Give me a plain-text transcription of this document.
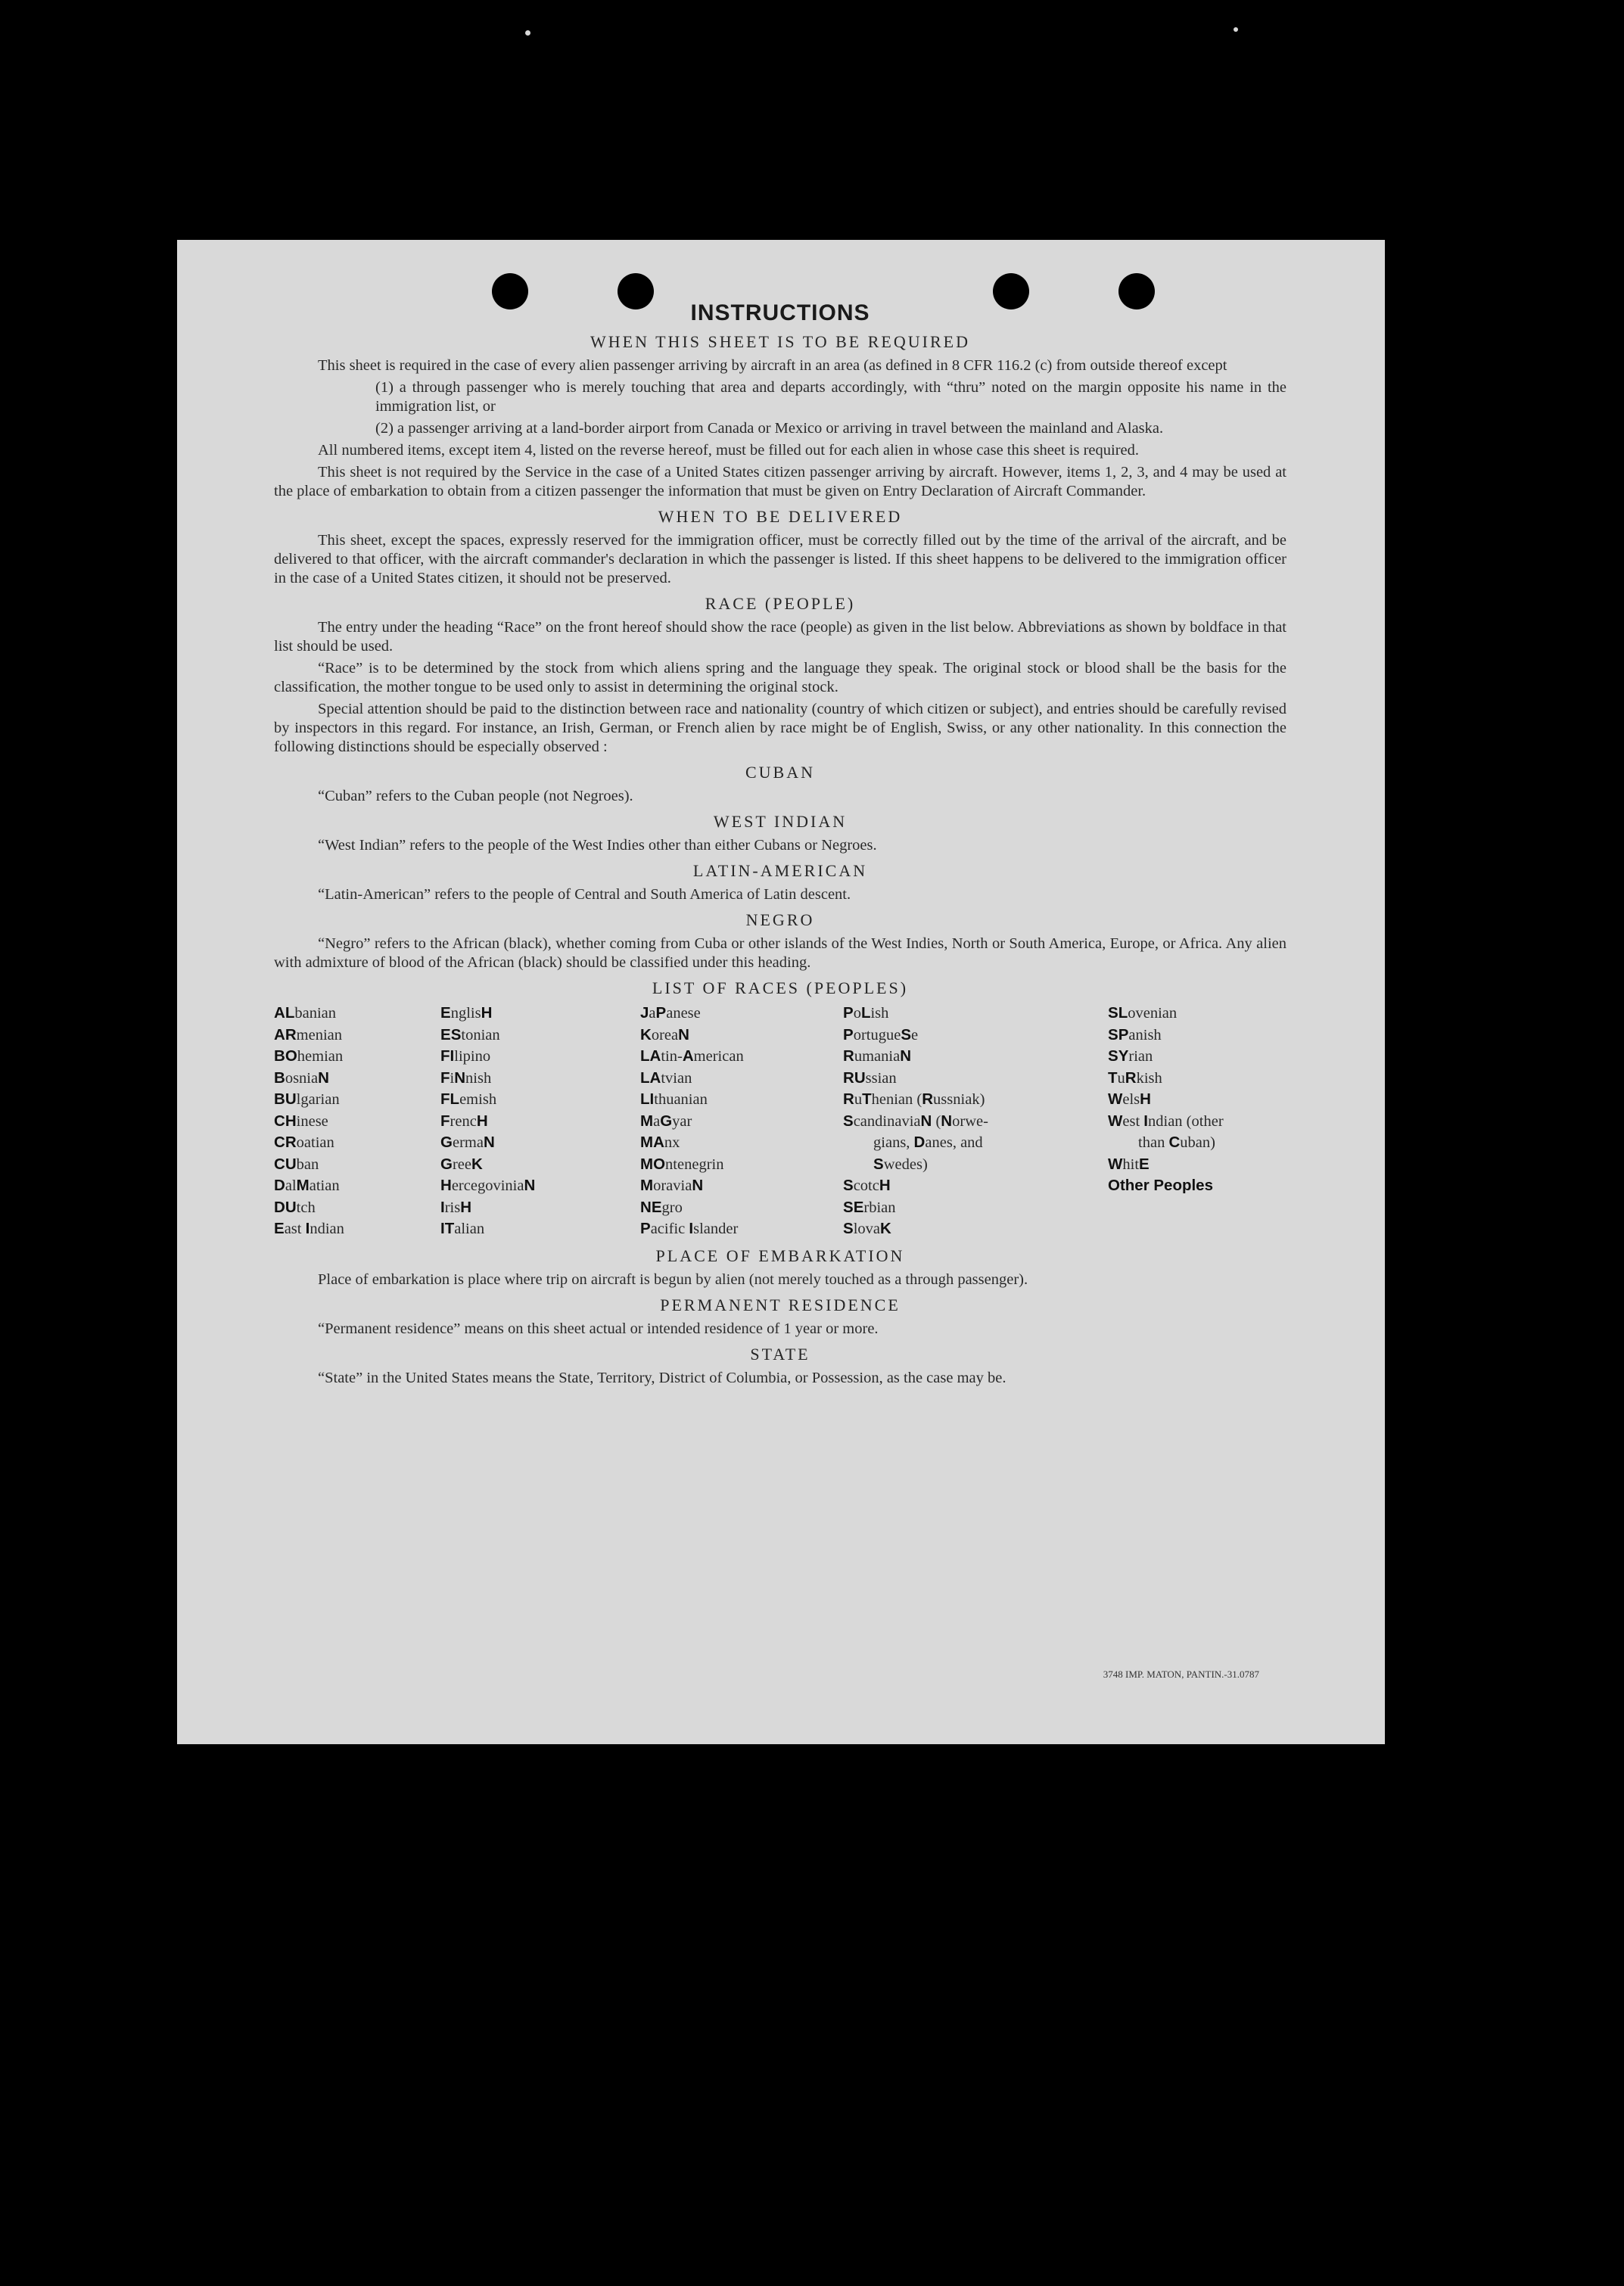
INSTRUCTIONS
WHEN THIS SHEET IS TO BE REQUIRED

This sheet is required in the case of every alien passenger arriving by aircraft in an area (as defined in 8 CFR 116.2 (c) from outside thereof except

(1) a through passenger who is merely touching that area and departs accordingly, with “thru” noted on the margin opposite his name in the immigration list, or

(2) a passenger arriving at a land-border airport from Canada or Mexico or arriving in travel between the mainland and Alaska.

All numbered items, except item 4, listed on the reverse hereof, must be filled out for each alien in whose case this sheet is required.

This sheet is not required by the Service in the case of a United States citizen passenger arriving by aircraft. However, items 1, 2, 3, and 4 may be used at the place of embarkation to obtain from a citizen passenger the information that must be given on Entry Declaration of Aircraft Commander.

WHEN TO BE DELIVERED

This sheet, except the spaces, expressly reserved for the immigration officer, must be correctly filled out by the time of the arrival of the aircraft, and be delivered to that officer, with the aircraft commander's declaration in which the passenger is listed. If this sheet happens to be delivered to the immigration officer in the case of a United States citizen, it should not be preserved.

RACE (PEOPLE)

The entry under the heading “Race” on the front hereof should show the race (people) as given in the list below. Abbreviations as shown by boldface in that list should be used.

“Race” is to be determined by the stock from which aliens spring and the language they speak. The original stock or blood shall be the basis for the classification, the mother tongue to be used only to assist in determining the original stock.

Special attention should be paid to the distinction between race and nationality (country of which citizen or subject), and entries should be carefully revised by inspectors in this regard. For instance, an Irish, German, or French alien by race might be of English, Swiss, or any other nationality. In this connection the following distinctions should be especially observed :

CUBAN

“Cuban” refers to the Cuban people (not Negroes).

WEST INDIAN

“West Indian” refers to the people of the West Indies other than either Cubans or Negroes.

LATIN-AMERICAN

“Latin-American” refers to the people of Central and South America of Latin descent.

NEGRO

“Negro” refers to the African (black), whether coming from Cuba or other islands of the West Indies, North or South America, Europe, or Africa. Any alien with admixture of blood of the African (black) should be classified under this heading.

LIST OF RACES (PEOPLES)
ALbanian
ARmenian
BOhemian
BosniaN
BUlgarian
CHinese
CRoatian
CUban
DalMatian
DUtch
East Indian
EnglisH
EStonian
FIlipino
FiNnish
FLemish
FrencH
GermaN
GreeK
HercegoviniaN
IrisH
ITalian
JaPanese
KoreaN
LAtin-American
LAtvian
LIthuanian
MaGyar
MAnx
MOntenegrin
MoraviaN
NEgro
Pacific Islander
PoLish
PortugueSe
RumaniaN
RUssian
RuThenian (Russniak)
ScandinaviaN (Norwe-
gians, Danes, and
Swedes)
ScotcH
SErbian
SlovaK
SLovenian
SPanish
SYrian
TuRkish
WelsH
West Indian (other
than Cuban)
WhitE
Other Peoples
PLACE OF EMBARKATION

Place of embarkation is place where trip on aircraft is begun by alien (not merely touched as a through passenger).

PERMANENT RESIDENCE

“Permanent residence” means on this sheet actual or intended residence of 1 year or more.

STATE

“State” in the United States means the State, Territory, District of Columbia, or Possession, as the case may be.

3748 IMP. MATON, PANTIN.-31.0787
